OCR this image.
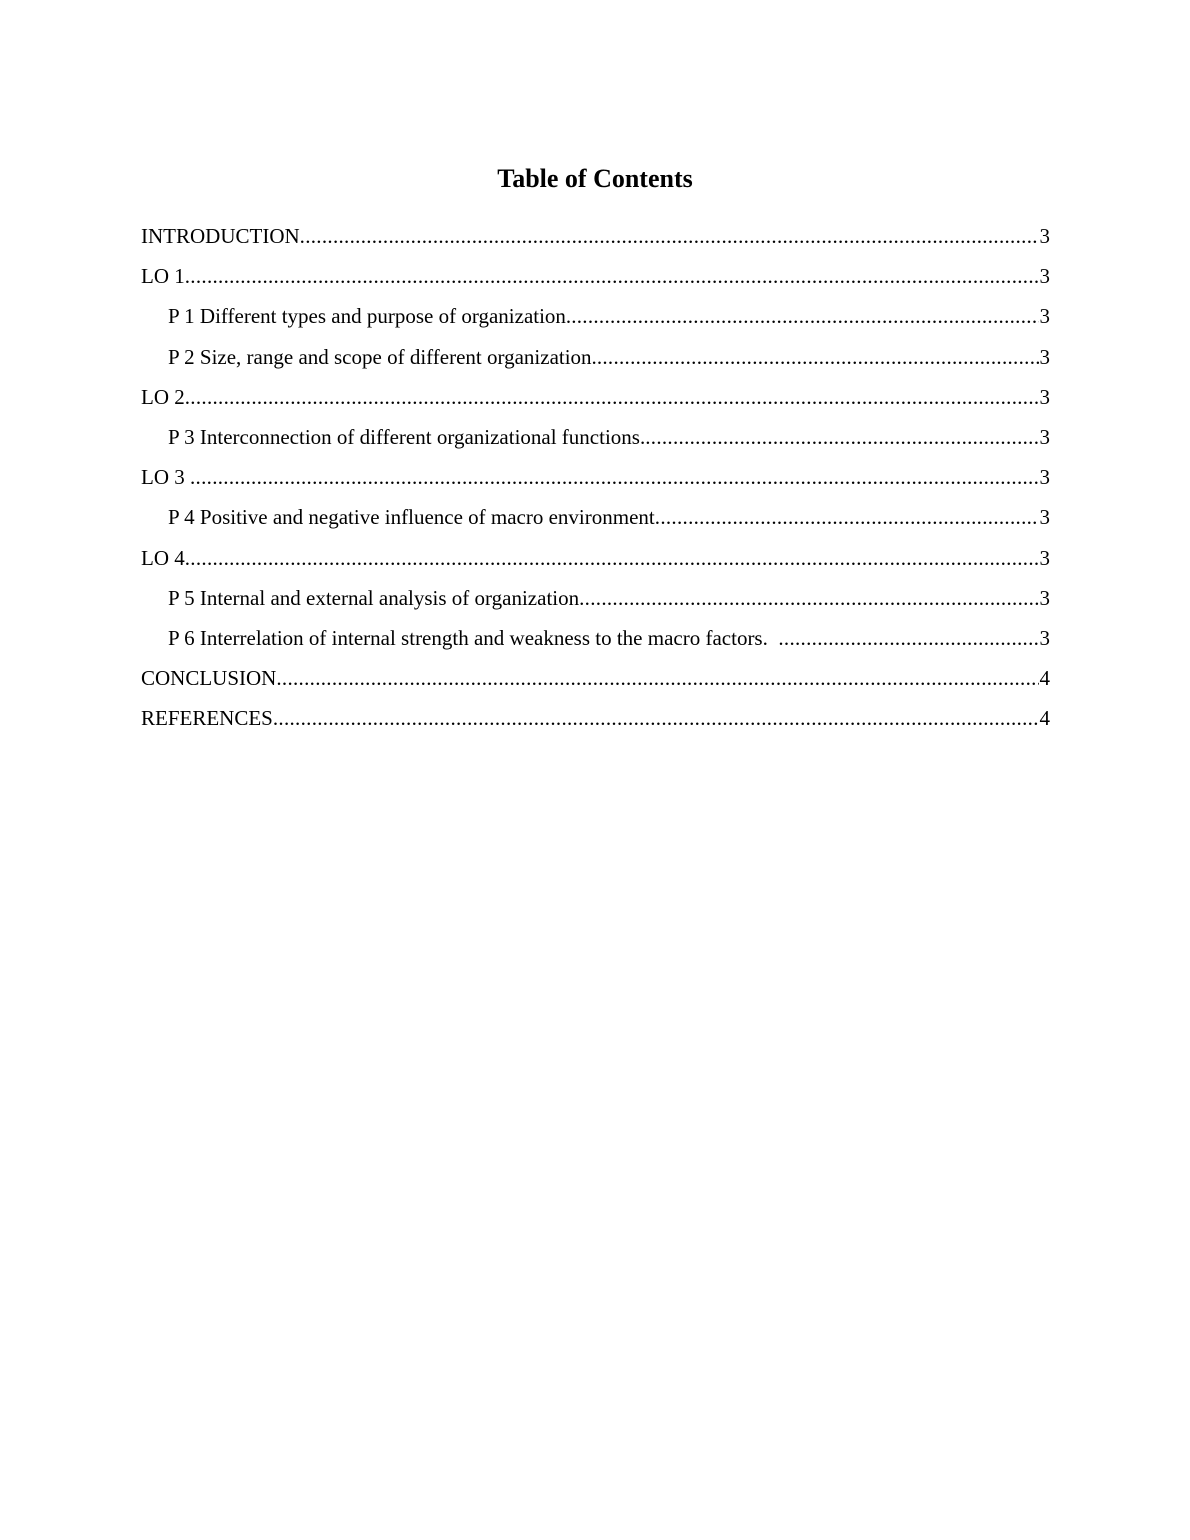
Table of Contents
INTRODUCTION .....	3
LO 1 .....	3
P 1 Different types and purpose of organization. .....	3
P 2 Size, range and scope of different organization. .....	3
LO 2 .....	3
P 3 Interconnection of different organizational functions. .....	3
LO 3 .....	3
P 4 Positive and negative influence of macro environment .....	3
LO 4 .....	3
P 5 Internal and external analysis of organization .....	3
P 6 Interrelation of internal strength and weakness to the macro factors. .....	3
CONCLUSION .....	4
REFERENCES .....	4
